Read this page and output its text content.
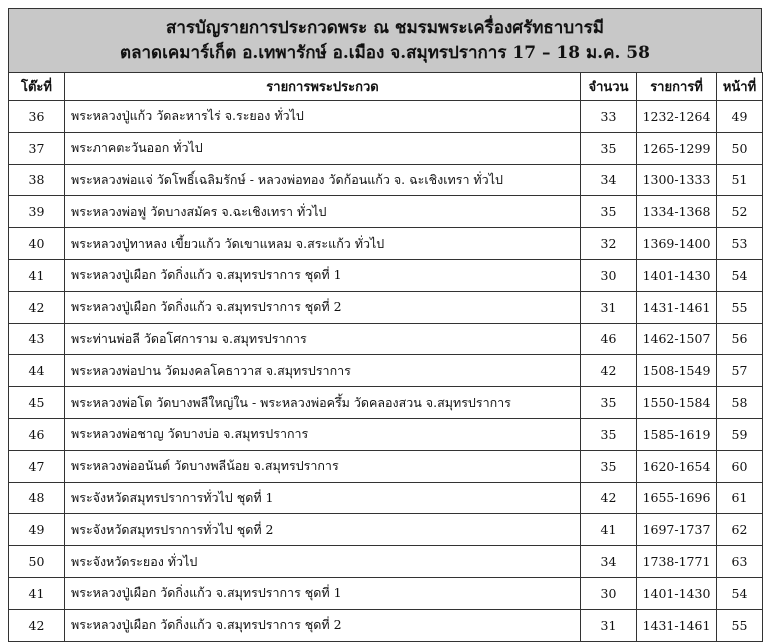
สารบัญรายการประกวดพระ ณ ชมรมพระเครื่องศรัทธาบารมี
ตลาดเคมาร์เก็ต อ.เทพารักษ์ อ.เมือง จ.สมุทรปราการ 17 – 18 ม.ค. 58
โต๊ะที่	รายการพระประกวด	จำนวน	รายการที่	หน้าที่
36	พระหลวงปู่แก้ว วัดละหารไร่ จ.ระยอง ทั่วไป	33	1232-1264	49
37	พระภาคตะวันออก ทั่วไป	35	1265-1299	50
38	พระหลวงพ่อแจ่ วัดโพธิ์เฉลิมรักษ์ - หลวงพ่อทอง วัดก้อนแก้ว จ. ฉะเชิงเทรา ทั่วไป	34	1300-1333	51
39	พระหลวงพ่อฟู วัดบางสมัคร จ.ฉะเชิงเทรา ทั่วไป	35	1334-1368	52
40	พระหลวงปู่ทาหลง เขี้ยวแก้ว วัดเขาแหลม จ.สระแก้ว ทั่วไป	32	1369-1400	53
41	พระหลวงปู่เผือก วัดกิ่งแก้ว จ.สมุทรปราการ ชุดที่ 1	30	1401-1430	54
42	พระหลวงปู่เผือก วัดกิ่งแก้ว จ.สมุทรปราการ ชุดที่ 2	31	1431-1461	55
43	พระท่านพ่อลี วัดอโศการาม จ.สมุทรปราการ	46	1462-1507	56
44	พระหลวงพ่อปาน วัดมงคลโคธาวาส จ.สมุทรปราการ	42	1508-1549	57
45	พระหลวงพ่อโต วัดบางพลีใหญ่ใน - พระหลวงพ่อครึ้ม วัดคลองสวน จ.สมุทรปราการ	35	1550-1584	58
46	พระหลวงพ่อชาญ วัดบางบ่อ จ.สมุทรปราการ	35	1585-1619	59
47	พระหลวงพ่ออนันต์ วัดบางพลีน้อย จ.สมุทรปราการ	35	1620-1654	60
48	พระจังหวัดสมุทรปราการทั่วไป ชุดที่ 1	42	1655-1696	61
49	พระจังหวัดสมุทรปราการทั่วไป ชุดที่ 2	41	1697-1737	62
50	พระจังหวัดระยอง ทั่วไป	34	1738-1771	63
41	พระหลวงปู่เผือก วัดกิ่งแก้ว จ.สมุทรปราการ ชุดที่ 1	30	1401-1430	54
42	พระหลวงปู่เผือก วัดกิ่งแก้ว จ.สมุทรปราการ ชุดที่ 2	31	1431-1461	55
